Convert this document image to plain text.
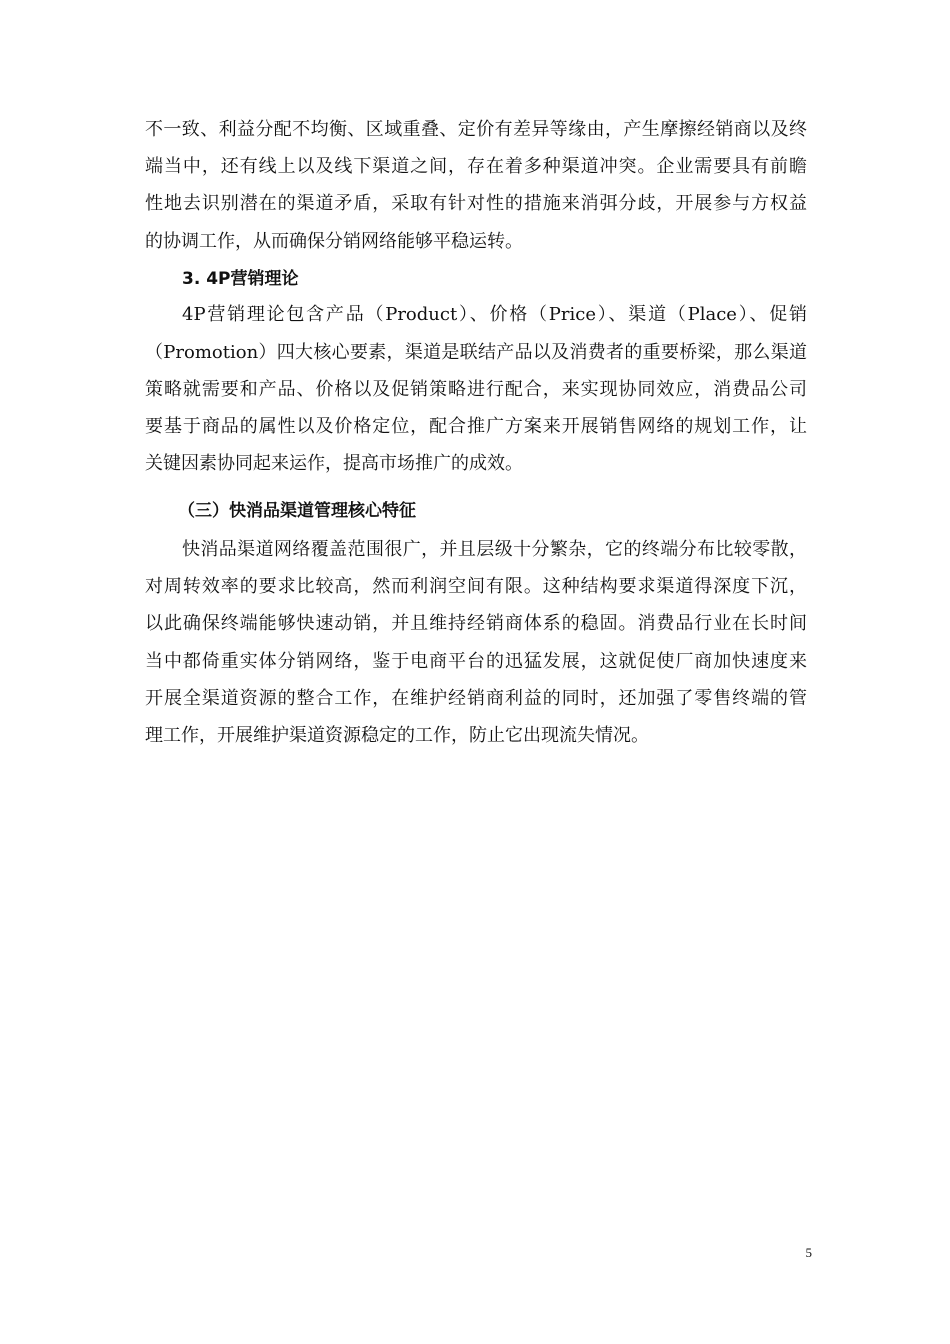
不一致、利益分配不均衡、区域重叠、定价有差异等缘由，产生摩擦经销商以及终
端当中，还有线上以及线下渠道之间，存在着多种渠道冲突。企业需要具有前瞻
性地去识别潜在的渠道矛盾，采取有针对性的措施来消弭分歧，开展参与方权益
的协调工作，从而确保分销网络能够平稳运转。
3. 4P营销理论
4P营销理论包含产品（Product）、价格（Price）、渠道（Place）、促销
（Promotion）四大核心要素，渠道是联结产品以及消费者的重要桥梁，那么渠道
策略就需要和产品、价格以及促销策略进行配合，来实现协同效应，消费品公司
要基于商品的属性以及价格定位，配合推广方案来开展销售网络的规划工作，让
关键因素协同起来运作，提高市场推广的成效。
（三）快消品渠道管理核心特征
快消品渠道网络覆盖范围很广，并且层级十分繁杂，它的终端分布比较零散，
对周转效率的要求比较高，然而利润空间有限。这种结构要求渠道得深度下沉，
以此确保终端能够快速动销，并且维持经销商体系的稳固。消费品行业在长时间
当中都倚重实体分销网络，鉴于电商平台的迅猛发展，这就促使厂商加快速度来
开展全渠道资源的整合工作，在维护经销商利益的同时，还加强了零售终端的管
理工作，开展维护渠道资源稳定的工作，防止它出现流失情况。
5
